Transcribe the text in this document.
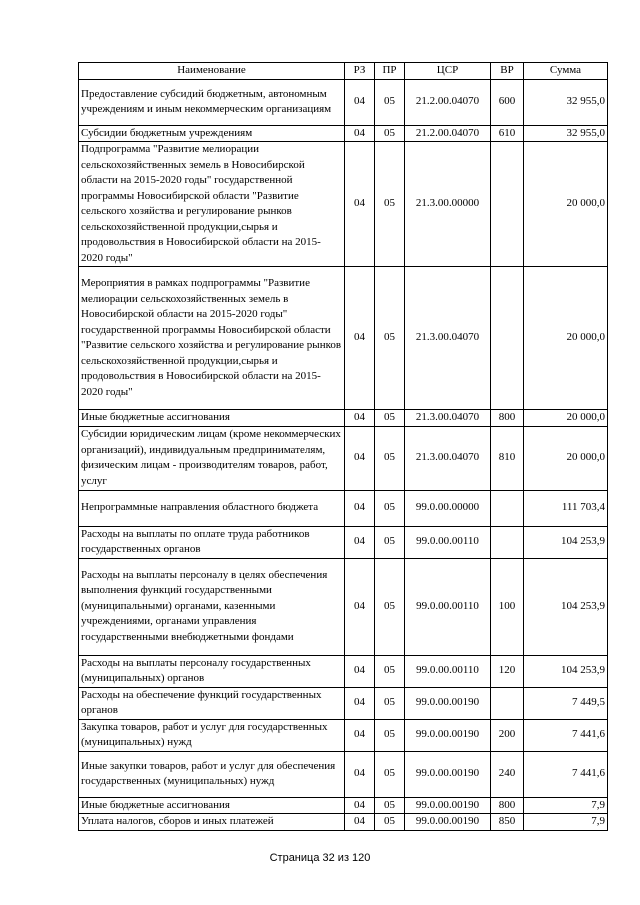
Наименование	РЗ	ПР	ЦСР	ВР	Сумма
Предоставление субсидий бюджетным, автономным учреждениям и иным некоммерческим организациям	04	05	21.2.00.04070	600	32 955,0
Субсидии бюджетным учреждениям	04	05	21.2.00.04070	610	32 955,0
Подпрограмма "Развитие мелиорации сельскохозяйственных земель в Новосибирской области на 2015-2020 годы" государственной программы Новосибирской области "Развитие сельского хозяйства и регулирование рынков сельскохозяйственной продукции,сырья и продовольствия в Новосибирской области на 2015-2020 годы"	04	05	21.3.00.00000		20 000,0
Мероприятия в рамках подпрограммы "Развитие мелиорации сельскохозяйственных земель в Новосибирской области на 2015-2020 годы" государственной программы Новосибирской области "Развитие сельского хозяйства и регулирование рынков сельскохозяйственной продукции,сырья и продовольствия в Новосибирской области на 2015-2020 годы"	04	05	21.3.00.04070		20 000,0
Иные бюджетные ассигнования	04	05	21.3.00.04070	800	20 000,0
Субсидии юридическим лицам (кроме некоммерческих организаций), индивидуальным предпринимателям, физическим лицам - производителям товаров, работ, услуг	04	05	21.3.00.04070	810	20 000,0
Непрограммные направления областного бюджета	04	05	99.0.00.00000		111 703,4
Расходы на выплаты по оплате труда работников государственных органов	04	05	99.0.00.00110		104 253,9
Расходы на выплаты персоналу в целях обеспечения выполнения функций государственными (муниципальными) органами, казенными учреждениями, органами управления государственными внебюджетными фондами	04	05	99.0.00.00110	100	104 253,9
Расходы на выплаты персоналу государственных (муниципальных) органов	04	05	99.0.00.00110	120	104 253,9
Расходы на обеспечение функций государственных органов	04	05	99.0.00.00190		7 449,5
Закупка товаров, работ и услуг для государственных (муниципальных) нужд	04	05	99.0.00.00190	200	7 441,6
Иные закупки товаров, работ и услуг для обеспечения государственных (муниципальных) нужд	04	05	99.0.00.00190	240	7 441,6
Иные бюджетные ассигнования	04	05	99.0.00.00190	800	7,9
Уплата налогов, сборов и иных платежей	04	05	99.0.00.00190	850	7,9
Страница 32 из 120
